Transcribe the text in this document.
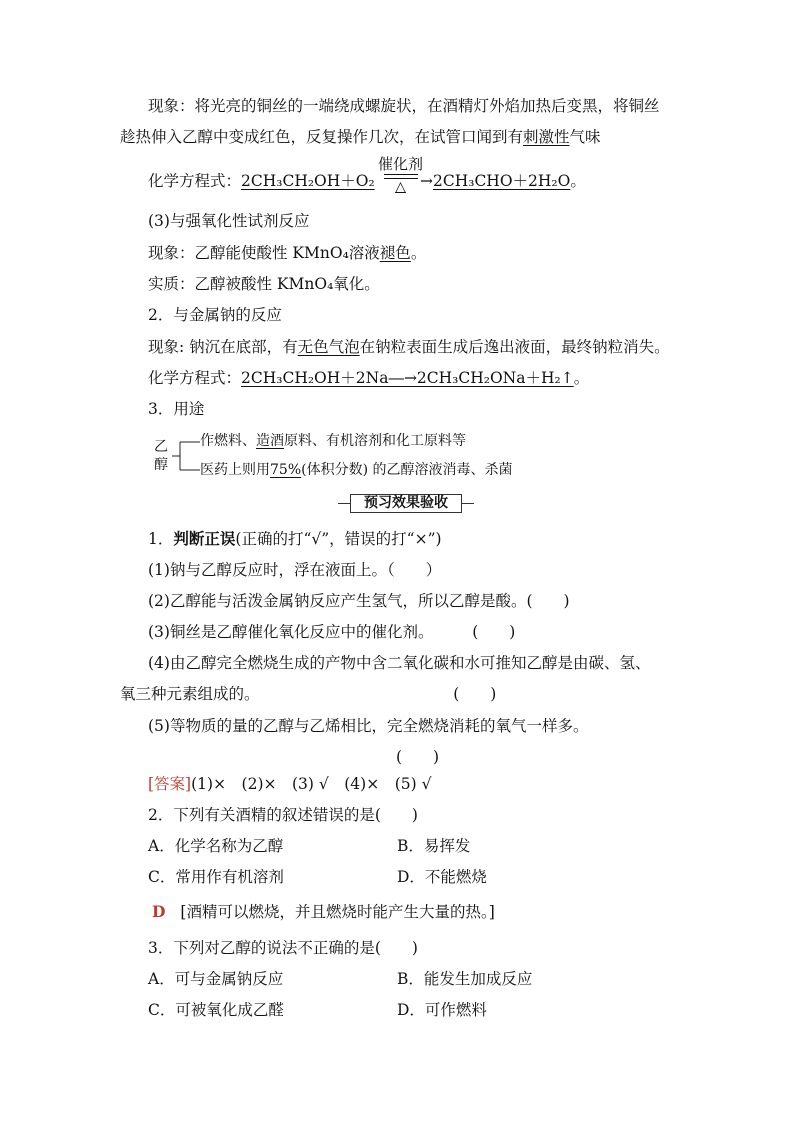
现象：将光亮的铜丝的一端绕成螺旋状，在酒精灯外焰加热后变黑，将铜丝
趁热伸入乙醇中变成红色，反复操作几次，在试管口闻到有刺激性气味
化学方程式：2CH₃CH₂OH＋O₂
催化剂
△ →2CH₃CHO＋2H₂O。
(3)与强氧化性试剂反应
现象：乙醇能使酸性 KMnO₄溶液褪色。
实质：乙醇被酸性 KMnO₄氧化。
2．与金属钠的反应
现象: 钠沉在底部，有无色气泡在钠粒表面生成后逸出液面，最终钠粒消失。
化学方程式：2CH₃CH₂OH＋2Na―→2CH₃CH₂ONa＋H₂↑。
3．用途
乙
醇
作燃料、造酒原料、有机溶剂和化工原料等
医药上则用75%(体积分数) 的乙醇溶液消毒、杀菌
预习效果验收
1．判断正误(正确的打“√”，错误的打“×”)
(1)钠与乙醇反应时，浮在液面上。（　　）
(2)乙醇能与活泼金属钠反应产生氢气，所以乙醇是酸。(　　)
(3)铜丝是乙醇催化氧化反应中的催化剂。　　　(　　)
(4)由乙醇完全燃烧生成的产物中含二氧化碳和水可推知乙醇是由碳、氢、
氧三种元素组成的。　　　　　　　　　　　　　(　　)
(5)等物质的量的乙醇与乙烯相比，完全燃烧消耗的氧气一样多。
(　　)
[答案](1)×　(2)×　(3) √　(4)×　(5) √
2．下列有关酒精的叙述错误的是(　　)
A．化学名称为乙醇	B．易挥发
C．常用作有机溶剂	D．不能燃烧
D [酒精可以燃烧，并且燃烧时能产生大量的热。]
3．下列对乙醇的说法不正确的是(　　)
A．可与金属钠反应	B．能发生加成反应
C．可被氧化成乙醛	D．可作燃料
